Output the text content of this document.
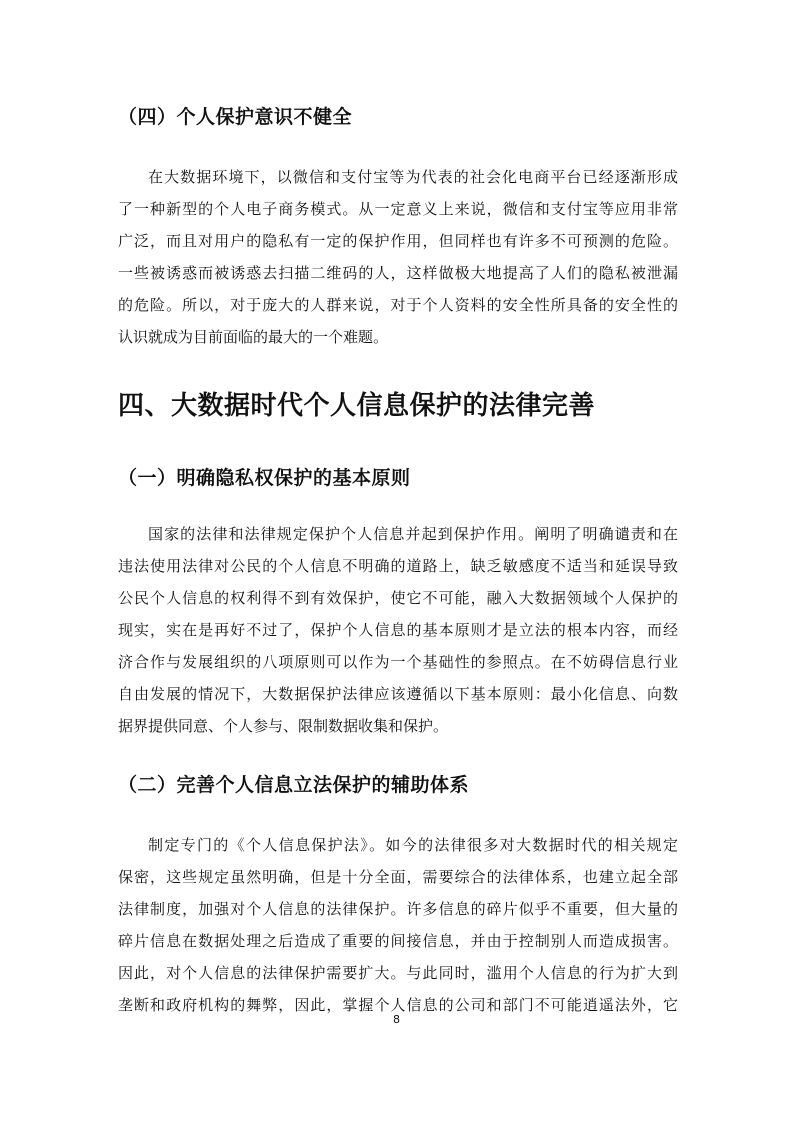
（四）个人保护意识不健全
在大数据环境下，以微信和支付宝等为代表的社会化电商平台已经逐渐形成
了一种新型的个人电子商务模式。从一定意义上来说，微信和支付宝等应用非常
广泛，而且对用户的隐私有一定的保护作用，但同样也有许多不可预测的危险。
一些被诱惑而被诱惑去扫描二维码的人，这样做极大地提高了人们的隐私被泄漏
的危险。所以，对于庞大的人群来说，对于个人资料的安全性所具备的安全性的
认识就成为目前面临的最大的一个难题。
四、大数据时代个人信息保护的法律完善
（一）明确隐私权保护的基本原则
国家的法律和法律规定保护个人信息并起到保护作用。阐明了明确谴责和在
违法使用法律对公民的个人信息不明确的道路上，缺乏敏感度不适当和延误导致
公民个人信息的权利得不到有效保护，使它不可能，融入大数据领域个人保护的
现实，实在是再好不过了，保护个人信息的基本原则才是立法的根本内容，而经
济合作与发展组织的八项原则可以作为一个基础性的参照点。在不妨碍信息行业
自由发展的情况下，大数据保护法律应该遵循以下基本原则：最小化信息、向数
据界提供同意、个人参与、限制数据收集和保护。
（二）完善个人信息立法保护的辅助体系
制定专门的《个人信息保护法》。如今的法律很多对大数据时代的相关规定
保密，这些规定虽然明确，但是十分全面，需要综合的法律体系，也建立起全部
法律制度，加强对个人信息的法律保护。许多信息的碎片似乎不重要，但大量的
碎片信息在数据处理之后造成了重要的间接信息，并由于控制别人而造成损害。
因此，对个人信息的法律保护需要扩大。与此同时，滥用个人信息的行为扩大到
垄断和政府机构的舞弊，因此，掌握个人信息的公司和部门不可能逍遥法外，它
8
